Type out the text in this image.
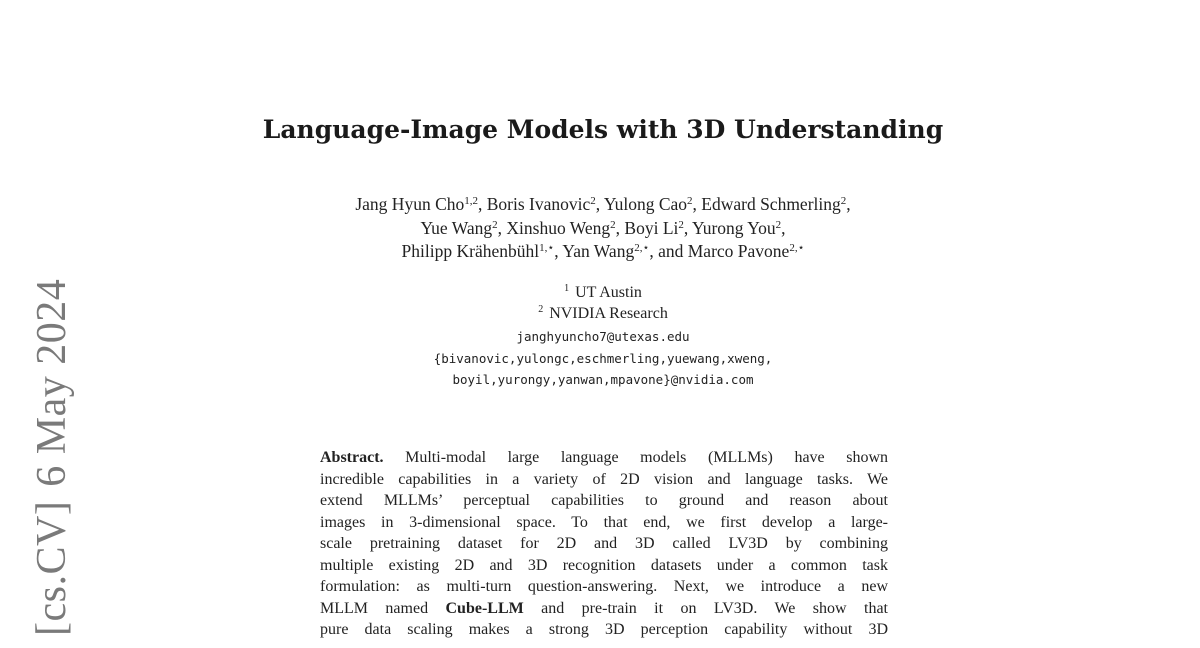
[cs.CV]6 May 2024
Language-Image Models with 3D Understanding
Jang Hyun Cho$^{1,2}$, Boris Ivanovic$^2$, Yulong Cao$^2$, Edward Schmerling$^2$,
Yue Wang$^2$, Xinshuo Weng$^2$, Boyi Li$^2$, Yurong You$^2$,
Philipp Krähenbühl$^{1,⋆}$, Yan Wang$^{2,⋆}$, and Marco Pavone$^{2,⋆}$
$^1$ UT Austin
$^2$ NVIDIA Research
janghyuncho7@utexas.edu
{bivanovic,yulongc,eschmerling,yuewang,xweng,
boyil,yurongy,yanwan,mpavone}@nvidia.com
Abstract. Multi-modal large language models (MLLMs) have shown
incredible capabilities in a variety of 2D vision and language tasks. We
extend MLLMs’ perceptual capabilities to ground and reason about
images in 3-dimensional space. To that end, we first develop a large-
scale pretraining dataset for 2D and 3D called LV3D by combining
multiple existing 2D and 3D recognition datasets under a common task
formulation: as multi-turn question-answering. Next, we introduce a new
MLLM named Cube-LLM and pre-train it on LV3D. We show that
pure data scaling makes a strong 3D perception capability without 3D
